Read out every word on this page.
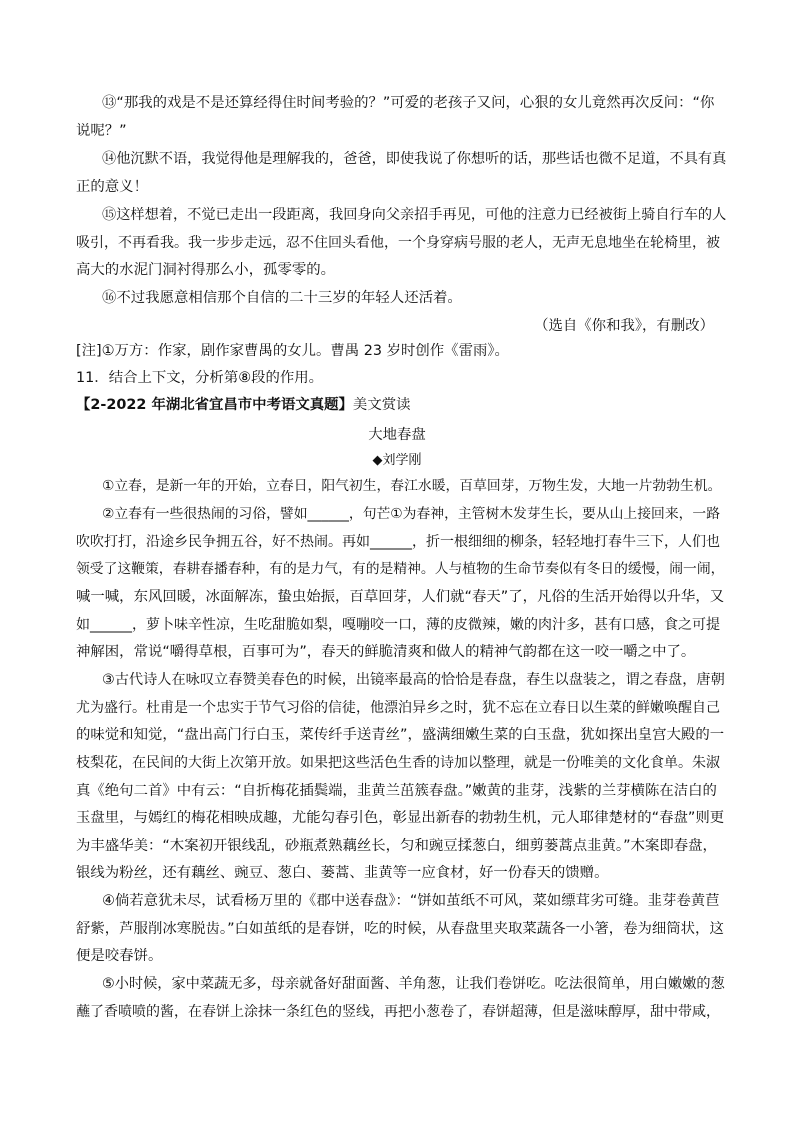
⑬“那我的戏是不是还算经得住时间考验的？”可爱的老孩子又问，心狠的女儿竟然再次反问：“你
说呢？”
⑭他沉默不语，我觉得他是理解我的，爸爸，即使我说了你想听的话，那些话也微不足道，不具有真
正的意义！
⑮这样想着，不觉已走出一段距离，我回身向父亲招手再见，可他的注意力已经被街上骑自行车的人
吸引，不再看我。我一步步走远，忍不住回头看他，一个身穿病号服的老人，无声无息地坐在轮椅里，被
高大的水泥门洞衬得那么小，孤零零的。
⑯不过我愿意相信那个自信的二十三岁的年轻人还活着。
（选自《你和我》，有删改）
[注]①万方：作家，剧作家曹禺的女儿。曹禺 23 岁时创作《雷雨》。
11．结合上下文，分析第⑧段的作用。
【2-2022 年湖北省宜昌市中考语文真题】美文赏读
大地春盘
◆刘学刚
①立春，是新一年的开始，立春日，阳气初生，春江水暖，百草回芽，万物生发，大地一片勃勃生机。
②立春有一些很热闹的习俗，譬如______，句芒①为春神，主管树木发芽生长，要从山上接回来，一路
吹吹打打，沿途乡民争拥五谷，好不热闹。再如______，折一根细细的柳条，轻轻地打春牛三下，人们也
领受了这鞭策，春耕春播春种，有的是力气，有的是精神。人与植物的生命节奏似有冬日的缓慢，闹一闹，
喊一喊，东风回暖，冰面解冻，蛰虫始振，百草回芽，人们就“春天”了，凡俗的生活开始得以升华，又
如______，萝卜味辛性凉，生吃甜脆如梨，嘎嘣咬一口，薄的皮微辣，嫩的肉汁多，甚有口感，食之可提
神解困，常说“嚼得草根，百事可为”，春天的鲜脆清爽和做人的精神气韵都在这一咬一嚼之中了。
③古代诗人在咏叹立春赞美春色的时候，出镜率最高的恰恰是春盘，春生以盘装之，谓之春盘，唐朝
尤为盛行。杜甫是一个忠实于节气习俗的信徒，他漂泊异乡之时，犹不忘在立春日以生菜的鲜嫩唤醒自己
的味觉和知觉，“盘出高门行白玉，菜传纤手送青丝”，盛满细嫩生菜的白玉盘，犹如探出皇宫大殿的一
枝梨花，在民间的大街上次第开放。如果把这些活色生香的诗加以整理，就是一份唯美的文化食单。朱淑
真《绝句二首》中有云：“自折梅花插鬓端，韭黄兰茁簇春盘。”嫩黄的韭芽，浅紫的兰芽横陈在洁白的
玉盘里，与嫣红的梅花相映成趣，尤能勾春引色，彰显出新春的勃勃生机，元人耶律楚材的“春盘”则更
为丰盛华美：“木案初开银线乱，砂瓶煮熟藕丝长，匀和豌豆揉葱白，细剪蒌蒿点韭黄。”木案即春盘，
银线为粉丝，还有藕丝、豌豆、葱白、蒌蒿、韭黄等一应食材，好一份春天的馈赠。
④倘若意犹未尽，试看杨万里的《郡中送春盘》：“饼如茧纸不可风，菜如缥茸劣可缝。韭芽卷黄苣
舒紫，芦服削冰寒脱齿。”白如茧纸的是春饼，吃的时候，从春盘里夹取菜蔬各一小箸，卷为细筒状，这
便是咬春饼。
⑤小时候，家中菜蔬无多，母亲就备好甜面酱、羊角葱，让我们卷饼吃。吃法很简单，用白嫩嫩的葱
蘸了香喷喷的酱，在春饼上涂抹一条红色的竖线，再把小葱卷了，春饼超薄，但是滋味醇厚，甜中带咸，
